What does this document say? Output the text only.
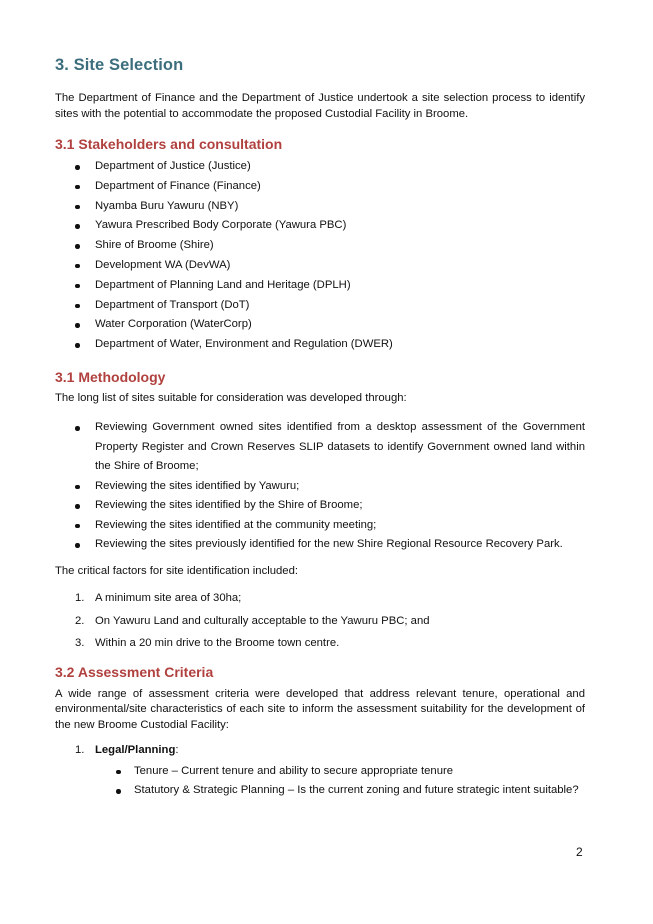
3. Site Selection

The Department of Finance and the Department of Justice undertook a site selection process to identify sites with the potential to accommodate the proposed Custodial Facility in Broome.

3.1 Stakeholders and consultation
Department of Justice (Justice)
Department of Finance (Finance)
Nyamba Buru Yawuru (NBY)
Yawura Prescribed Body Corporate (Yawura PBC)
Shire of Broome (Shire)
Development WA (DevWA)
Department of Planning Land and Heritage (DPLH)
Department of Transport (DoT)
Water Corporation (WaterCorp)
Department of Water, Environment and Regulation (DWER)
3.1 Methodology

The long list of sites suitable for consideration was developed through:

Reviewing Government owned sites identified from a desktop assessment of the Government Property Register and Crown Reserves SLIP datasets to identify Government owned land within the Shire of Broome;
Reviewing the sites identified by Yawuru;
Reviewing the sites identified by the Shire of Broome;
Reviewing the sites identified at the community meeting;
Reviewing the sites previously identified for the new Shire Regional Resource Recovery Park.

The critical factors for site identification included:

1. A minimum site area of 30ha;
2. On Yawuru Land and culturally acceptable to the Yawuru PBC; and
3. Within a 20 min drive to the Broome town centre.
3.2 Assessment Criteria

A wide range of assessment criteria were developed that address relevant tenure, operational and environmental/site characteristics of each site to inform the assessment suitability for the development of the new Broome Custodial Facility:

1. Legal/Planning:
Tenure – Current tenure and ability to secure appropriate tenure
Statutory & Strategic Planning – Is the current zoning and future strategic intent suitable?
2
